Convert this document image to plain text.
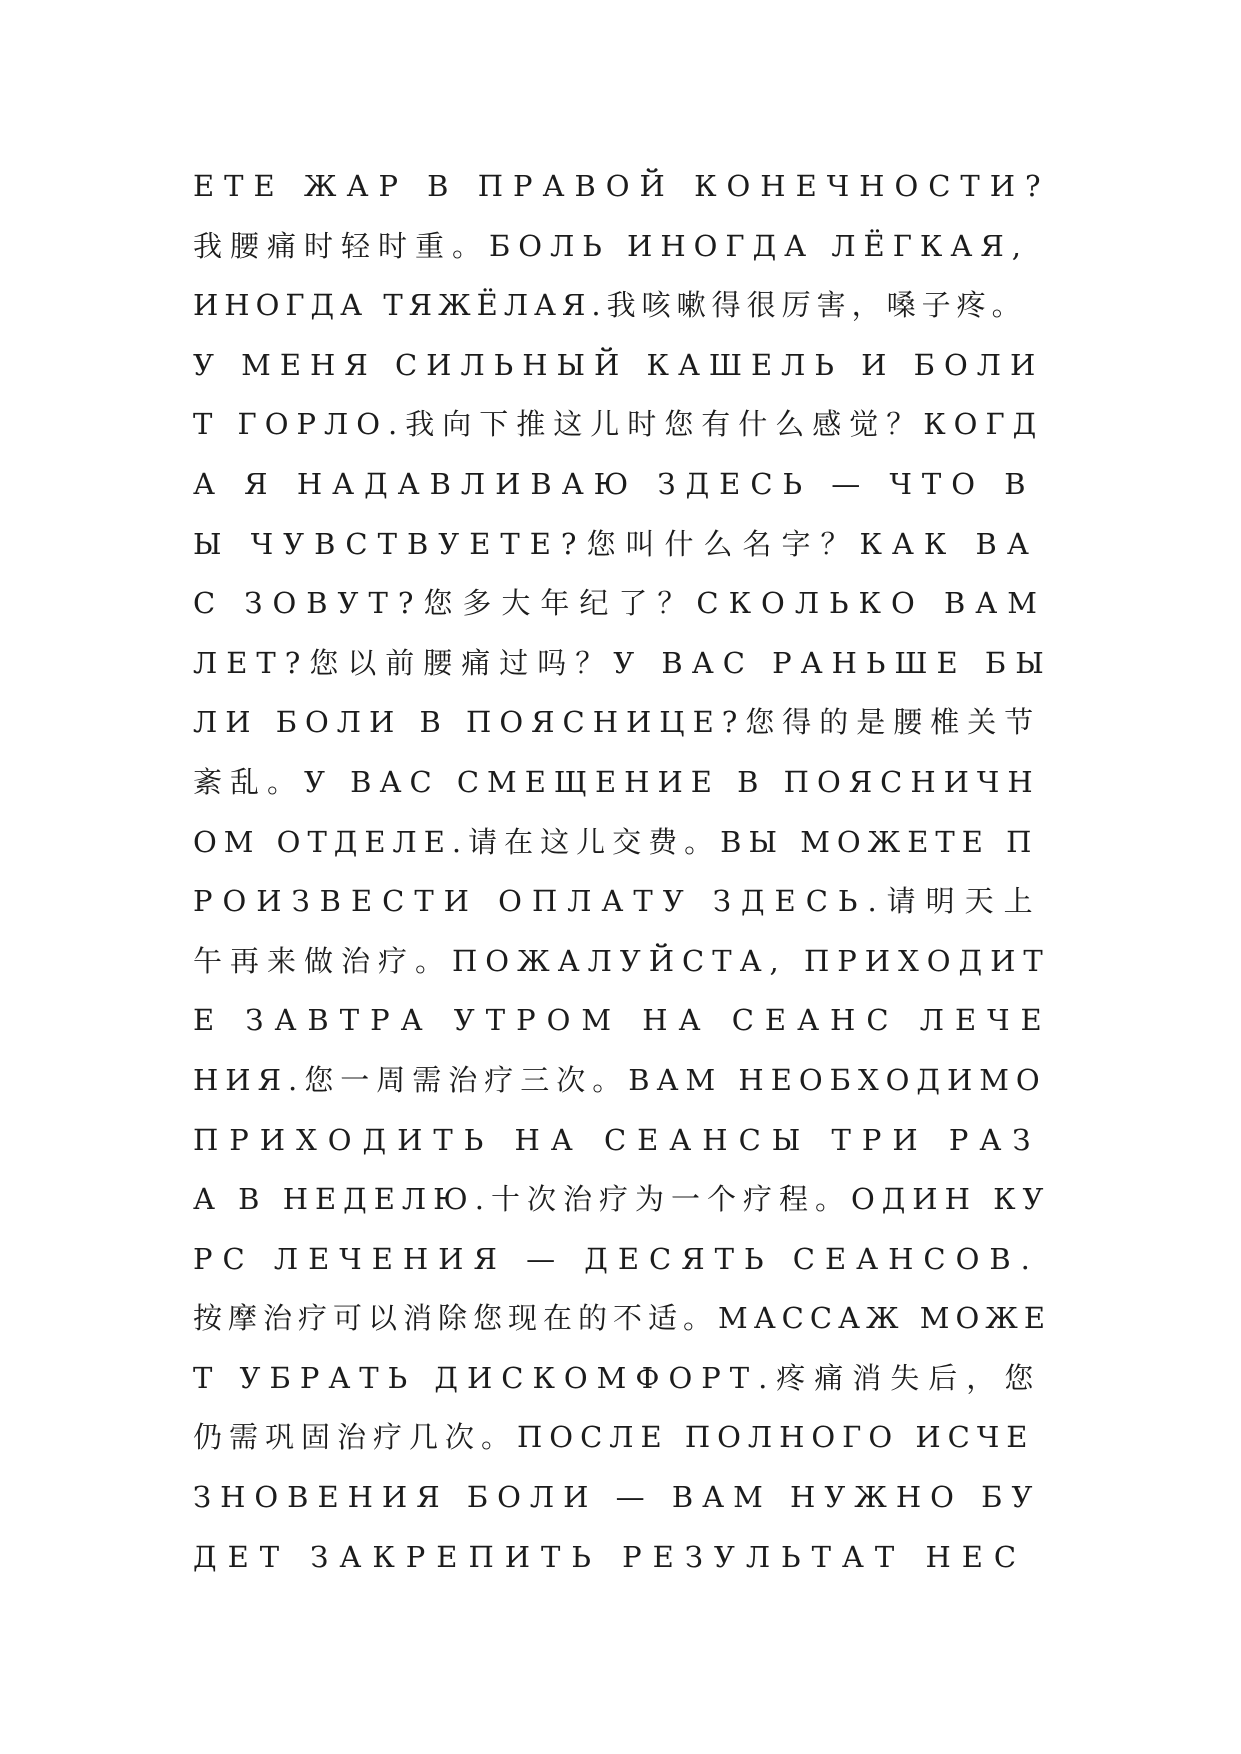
ЕТЕ ЖАР В ПРАВОЙ КОНЕЧНОСТИ?
我腰痛时轻时重。БОЛЬ ИНОГДА ЛЁГКАЯ,
ИНОГДА ТЯЖЁЛАЯ.我咳嗽得很厉害，嗓子疼。
У МЕНЯ СИЛЬНЫЙ КАШЕЛЬ И БОЛИ
Т ГОРЛО.我向下推这儿时您有什么感觉？КОГД
А Я НАДАВЛИВАЮ ЗДЕСЬ — ЧТО В
Ы ЧУВСТВУЕТЕ?您叫什么名字？КАК ВА
С ЗОВУТ?您多大年纪了？СКОЛЬКО ВАМ
ЛЕТ?您以前腰痛过吗？У ВАС РАНЬШЕ БЫ
ЛИ БОЛИ В ПОЯСНИЦЕ?您得的是腰椎关节
紊乱。У ВАС СМЕЩЕНИЕ В ПОЯСНИЧН
ОМ ОТДЕЛЕ.请在这儿交费。ВЫ МОЖЕТЕ П
РОИЗВЕСТИ ОПЛАТУ ЗДЕСЬ.请明天上
午再来做治疗。ПОЖАЛУЙСТА, ПРИХОДИТ
Е ЗАВТРА УТРОМ НА СЕАНС ЛЕЧЕ
НИЯ.您一周需治疗三次。ВАМ НЕОБХОДИМО
ПРИХОДИТЬ НА СЕАНСЫ ТРИ РАЗ
А В НЕДЕЛЮ.十次治疗为一个疗程。ОДИН КУ
РС ЛЕЧЕНИЯ — ДЕСЯТЬ СЕАНСОВ.
按摩治疗可以消除您现在的不适。МАССАЖ МОЖЕ
Т УБРАТЬ ДИСКОМФОРТ.疼痛消失后，您
仍需巩固治疗几次。ПОСЛЕ ПОЛНОГО ИСЧЕ
ЗНОВЕНИЯ БОЛИ — ВАМ НУЖНО БУ
ДЕТ ЗАКРЕПИТЬ РЕЗУЛЬТАТ НЕС
